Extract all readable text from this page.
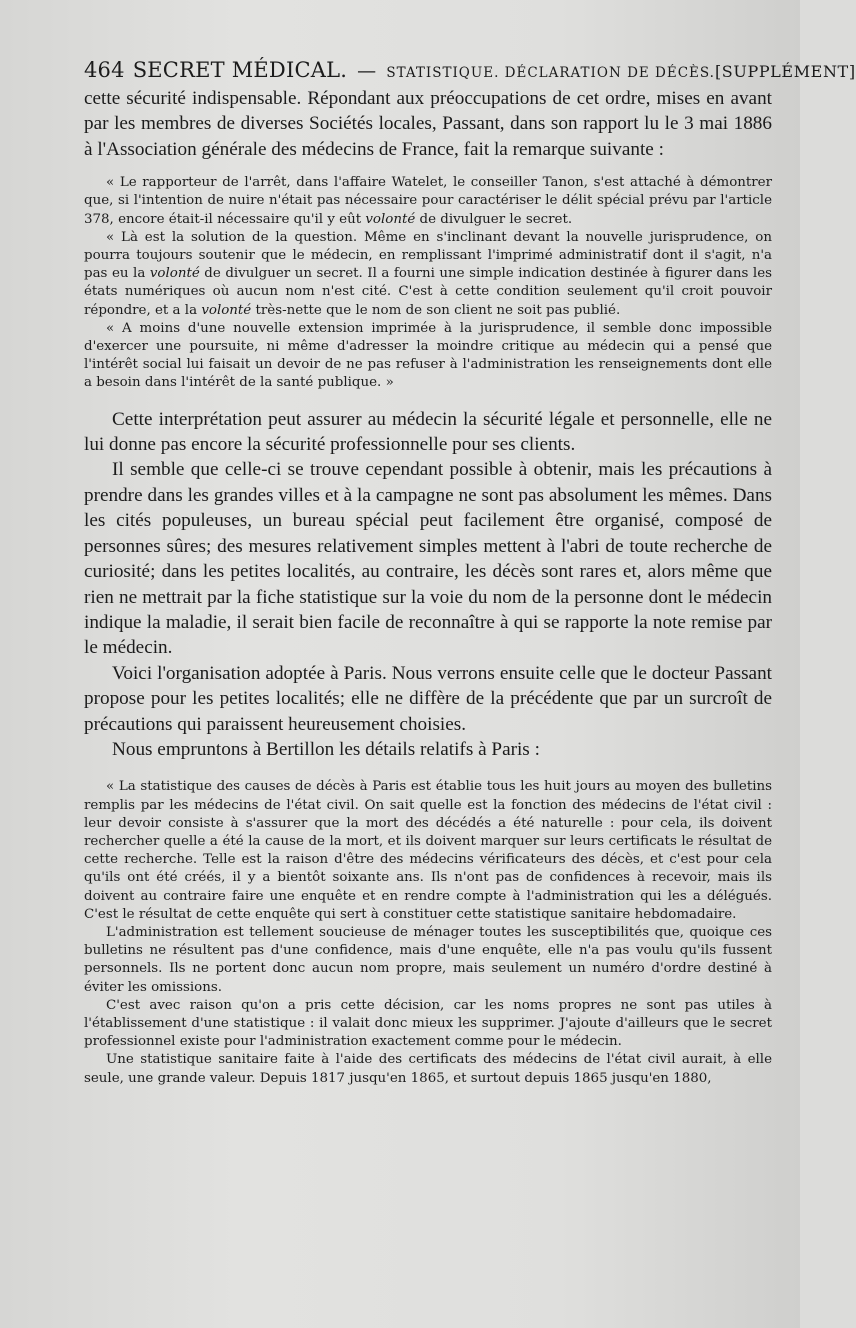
464 SECRET MÉDICAL. — STATISTIQUE. DÉCLARATION DE DÉCÈS. [SUPPLÉMENT]

cette sécurité indispensable. Répondant aux préoccupations de cet ordre, mises en avant par les membres de diverses Sociétés locales, Passant, dans son rapport lu le 3 mai 1886 à l'Association générale des médecins de France, fait la remarque suivante :

« Le rapporteur de l'arrêt, dans l'affaire Watelet, le conseiller Tanon, s'est attaché à démontrer que, si l'intention de nuire n'était pas nécessaire pour caractériser le délit spécial prévu par l'article 378, encore était-il nécessaire qu'il y eût volonté de divulguer le secret.

« Là est la solution de la question. Même en s'inclinant devant la nouvelle jurisprudence, on pourra toujours soutenir que le médecin, en remplissant l'imprimé administratif dont il s'agit, n'a pas eu la volonté de divulguer un secret. Il a fourni une simple indication destinée à figurer dans les états numériques où aucun nom n'est cité. C'est à cette condition seulement qu'il croit pouvoir répondre, et a la volonté très-nette que le nom de son client ne soit pas publié.

« A moins d'une nouvelle extension imprimée à la jurisprudence, il semble donc impossible d'exercer une poursuite, ni même d'adresser la moindre critique au médecin qui a pensé que l'intérêt social lui faisait un devoir de ne pas refuser à l'administration les renseignements dont elle a besoin dans l'intérêt de la santé publique. »

Cette interprétation peut assurer au médecin la sécurité légale et personnelle, elle ne lui donne pas encore la sécurité professionnelle pour ses clients.

Il semble que celle-ci se trouve cependant possible à obtenir, mais les précautions à prendre dans les grandes villes et à la campagne ne sont pas absolument les mêmes. Dans les cités populeuses, un bureau spécial peut facilement être organisé, composé de personnes sûres; des mesures relativement simples mettent à l'abri de toute recherche de curiosité; dans les petites localités, au contraire, les décès sont rares et, alors même que rien ne mettrait par la fiche statistique sur la voie du nom de la personne dont le médecin indique la maladie, il serait bien facile de reconnaître à qui se rapporte la note remise par le médecin.

Voici l'organisation adoptée à Paris. Nous verrons ensuite celle que le docteur Passant propose pour les petites localités; elle ne diffère de la précédente que par un surcroît de précautions qui paraissent heureusement choisies.

Nous empruntons à Bertillon les détails relatifs à Paris :

« La statistique des causes de décès à Paris est établie tous les huit jours au moyen des bulletins remplis par les médecins de l'état civil. On sait quelle est la fonction des médecins de l'état civil : leur devoir consiste à s'assurer que la mort des décédés a été naturelle : pour cela, ils doivent rechercher quelle a été la cause de la mort, et ils doivent marquer sur leurs certificats le résultat de cette recherche. Telle est la raison d'être des médecins vérificateurs des décès, et c'est pour cela qu'ils ont été créés, il y a bientôt soixante ans. Ils n'ont pas de confidences à recevoir, mais ils doivent au contraire faire une enquête et en rendre compte à l'administration qui les a délégués. C'est le résultat de cette enquête qui sert à constituer cette statistique sanitaire hebdomadaire.

L'administration est tellement soucieuse de ménager toutes les susceptibilités que, quoique ces bulletins ne résultent pas d'une confidence, mais d'une enquête, elle n'a pas voulu qu'ils fussent personnels. Ils ne portent donc aucun nom propre, mais seulement un numéro d'ordre destiné à éviter les omissions.

C'est avec raison qu'on a pris cette décision, car les noms propres ne sont pas utiles à l'établissement d'une statistique : il valait donc mieux les supprimer. J'ajoute d'ailleurs que le secret professionnel existe pour l'administration exactement comme pour le médecin.

Une statistique sanitaire faite à l'aide des certificats des médecins de l'état civil aurait, à elle seule, une grande valeur. Depuis 1817 jusqu'en 1865, et surtout depuis 1865 jusqu'en 1880,
